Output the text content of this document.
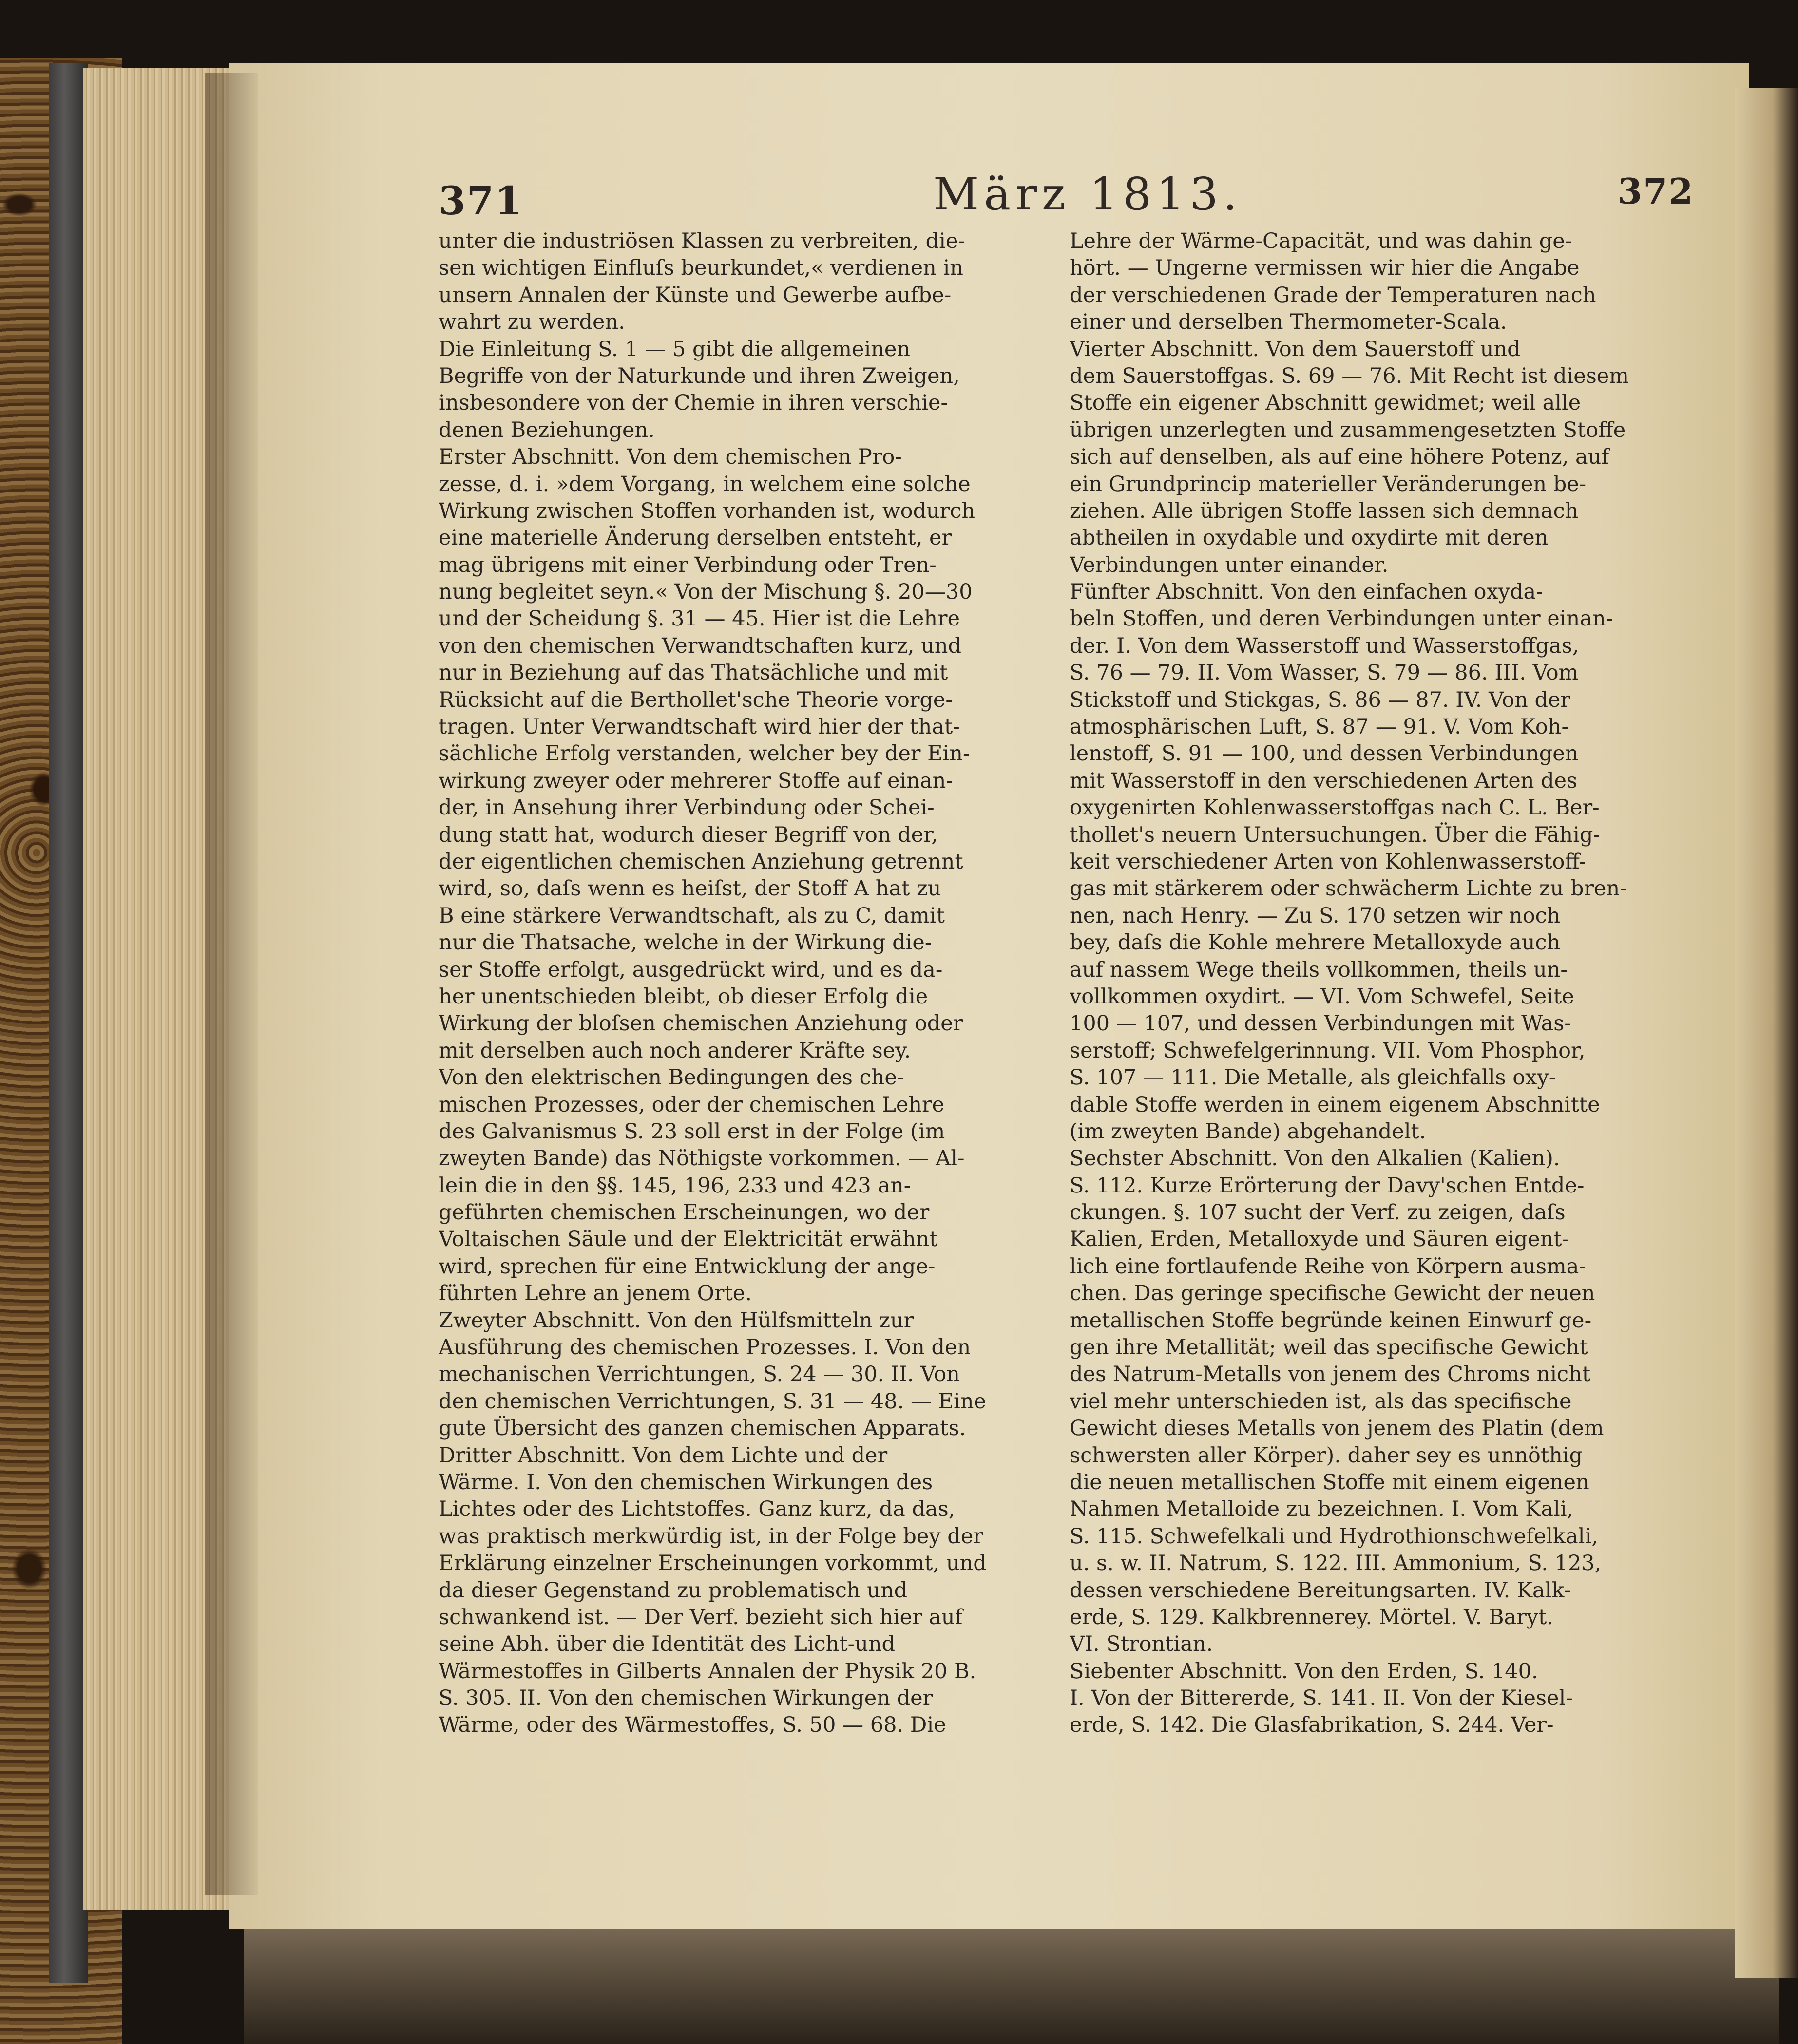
371	März 1813.	372
unter die industriösen Klassen zu verbreiten, die-
sen wichtigen Einfluſs beurkundet,« verdienen in
unsern Annalen der Künste und Gewerbe aufbe-
wahrt zu werden.
Die Einleitung S. 1 — 5 gibt die allgemeinen
Begriffe von der Naturkunde und ihren Zweigen,
insbesondere von der Chemie in ihren verschie-
denen Beziehungen.
Erster Abschnitt. Von dem chemischen Pro-
zesse, d. i. »dem Vorgang, in welchem eine solche
Wirkung zwischen Stoffen vorhanden ist, wodurch
eine materielle Änderung derselben entsteht, er
mag übrigens mit einer Verbindung oder Tren-
nung begleitet seyn.« Von der Mischung §. 20—30
und der Scheidung §. 31 — 45. Hier ist die Lehre
von den chemischen Verwandtschaften kurz, und
nur in Beziehung auf das Thatsächliche und mit
Rücksicht auf die Berthollet'sche Theorie vorge-
tragen. Unter Verwandtschaft wird hier der that-
sächliche Erfolg verstanden, welcher bey der Ein-
wirkung zweyer oder mehrerer Stoffe auf einan-
der, in Ansehung ihrer Verbindung oder Schei-
dung statt hat, wodurch dieser Begriff von der,
der eigentlichen chemischen Anziehung getrennt
wird, so, daſs wenn es heiſst, der Stoff A hat zu
B eine stärkere Verwandtschaft, als zu C, damit
nur die Thatsache, welche in der Wirkung die-
ser Stoffe erfolgt, ausgedrückt wird, und es da-
her unentschieden bleibt, ob dieser Erfolg die
Wirkung der bloſsen chemischen Anziehung oder
mit derselben auch noch anderer Kräfte sey.
Von den elektrischen Bedingungen des che-
mischen Prozesses, oder der chemischen Lehre
des Galvanismus S. 23 soll erst in der Folge (im
zweyten Bande) das Nöthigste vorkommen. — Al-
lein die in den §§. 145, 196, 233 und 423 an-
geführten chemischen Erscheinungen, wo der
Voltaischen Säule und der Elektricität erwähnt
wird, sprechen für eine Entwicklung der ange-
führten Lehre an jenem Orte.
Zweyter Abschnitt. Von den Hülfsmitteln zur
Ausführung des chemischen Prozesses. I. Von den
mechanischen Verrichtungen, S. 24 — 30. II. Von
den chemischen Verrichtungen, S. 31 — 48. — Eine
gute Übersicht des ganzen chemischen Apparats.
Dritter Abschnitt. Von dem Lichte und der
Wärme. I. Von den chemischen Wirkungen des
Lichtes oder des Lichtstoffes. Ganz kurz, da das,
was praktisch merkwürdig ist, in der Folge bey der
Erklärung einzelner Erscheinungen vorkommt, und
da dieser Gegenstand zu problematisch und
schwankend ist. — Der Verf. bezieht sich hier auf
seine Abh. über die Identität des Licht-und
Wärmestoffes in Gilberts Annalen der Physik 20 B.
S. 305. II. Von den chemischen Wirkungen der
Wärme, oder des Wärmestoffes, S. 50 — 68. Die
Lehre der Wärme-Capacität, und was dahin ge-
hört. — Ungerne vermissen wir hier die Angabe
der verschiedenen Grade der Temperaturen nach
einer und derselben Thermometer-Scala.
Vierter Abschnitt. Von dem Sauerstoff und
dem Sauerstoffgas. S. 69 — 76. Mit Recht ist diesem
Stoffe ein eigener Abschnitt gewidmet; weil alle
übrigen unzerlegten und zusammengesetzten Stoffe
sich auf denselben, als auf eine höhere Potenz, auf
ein Grundprincip materieller Veränderungen be-
ziehen. Alle übrigen Stoffe lassen sich demnach
abtheilen in oxydable und oxydirte mit deren
Verbindungen unter einander.
Fünfter Abschnitt. Von den einfachen oxyda-
beln Stoffen, und deren Verbindungen unter einan-
der. I. Von dem Wasserstoff und Wasserstoffgas,
S. 76 — 79. II. Vom Wasser, S. 79 — 86. III. Vom
Stickstoff und Stickgas, S. 86 — 87. IV. Von der
atmosphärischen Luft, S. 87 — 91. V. Vom Koh-
lenstoff, S. 91 — 100, und dessen Verbindungen
mit Wasserstoff in den verschiedenen Arten des
oxygenirten Kohlenwasserstoffgas nach C. L. Ber-
thollet's neuern Untersuchungen. Über die Fähig-
keit verschiedener Arten von Kohlenwasserstoff-
gas mit stärkerem oder schwächerm Lichte zu bren-
nen, nach Henry. — Zu S. 170 setzen wir noch
bey, daſs die Kohle mehrere Metalloxyde auch
auf nassem Wege theils vollkommen, theils un-
vollkommen oxydirt. — VI. Vom Schwefel, Seite
100 — 107, und dessen Verbindungen mit Was-
serstoff; Schwefelgerinnung. VII. Vom Phosphor,
S. 107 — 111. Die Metalle, als gleichfalls oxy-
dable Stoffe werden in einem eigenem Abschnitte
(im zweyten Bande) abgehandelt.
Sechster Abschnitt. Von den Alkalien (Kalien).
S. 112. Kurze Erörterung der Davy'schen Entde-
ckungen. §. 107 sucht der Verf. zu zeigen, daſs
Kalien, Erden, Metalloxyde und Säuren eigent-
lich eine fortlaufende Reihe von Körpern ausma-
chen. Das geringe specifische Gewicht der neuen
metallischen Stoffe begründe keinen Einwurf ge-
gen ihre Metallität; weil das specifische Gewicht
des Natrum-Metalls von jenem des Chroms nicht
viel mehr unterschieden ist, als das specifische
Gewicht dieses Metalls von jenem des Platin (dem
schwersten aller Körper). daher sey es unnöthig
die neuen metallischen Stoffe mit einem eigenen
Nahmen Metalloide zu bezeichnen. I. Vom Kali,
S. 115. Schwefelkali und Hydrothionschwefelkali,
u. s. w. II. Natrum, S. 122. III. Ammonium, S. 123,
dessen verschiedene Bereitungsarten. IV. Kalk-
erde, S. 129. Kalkbrennerey. Mörtel. V. Baryt.
VI. Strontian.
Siebenter Abschnitt. Von den Erden, S. 140.
I. Von der Bittererde, S. 141. II. Von der Kiesel-
erde, S. 142. Die Glasfabrikation, S. 244. Ver-
